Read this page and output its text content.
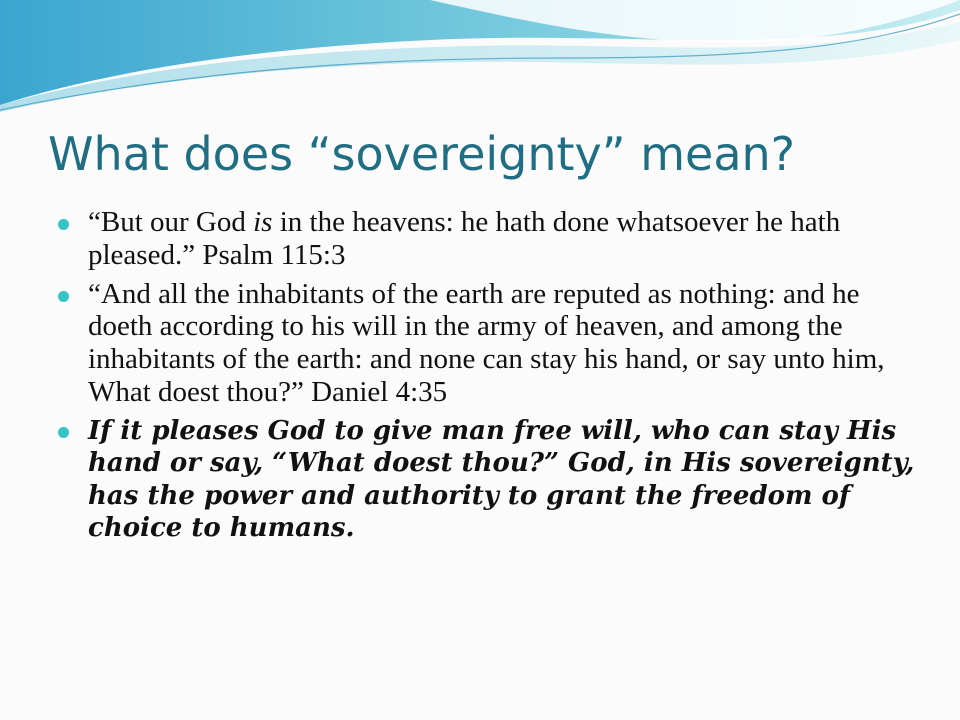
What does “sovereignty” mean?
“But our God is in the heavens: he hath done whatsoever he hath pleased.” Psalm 115:3
“And all the inhabitants of the earth are reputed as nothing: and he doeth according to his will in the army of heaven, and among the inhabitants of the earth: and none can stay his hand, or say unto him, What doest thou?” Daniel 4:35
If it pleases God to give man free will, who can stay His hand or say, “What doest thou?” God, in His sovereignty, has the power and authority to grant the freedom of choice to humans.
